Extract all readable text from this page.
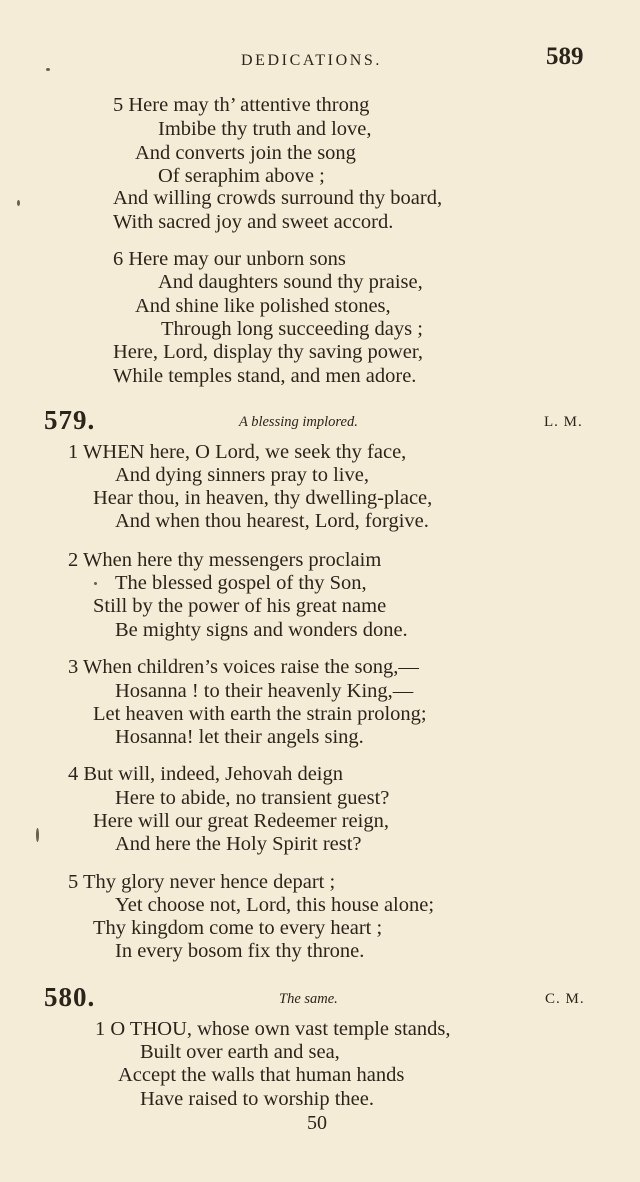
DEDICATIONS.	589
5 Here may th’ attentive throng
Imbibe thy truth and love,
And converts join the song
Of seraphim above ;
And willing crowds surround thy board,
With sacred joy and sweet accord.
6 Here may our unborn sons
And daughters sound thy praise,
And shine like polished stones,
Through long succeeding days ;
Here, Lord, display thy saving power,
While temples stand, and men adore.
579.	A blessing implored.	L. M.
1 WHEN here, O Lord, we seek thy face,
And dying sinners pray to live,
Hear thou, in heaven, thy dwelling-place,
And when thou hearest, Lord, forgive.
2 When here thy messengers proclaim
The blessed gospel of thy Son,
Still by the power of his great name
Be mighty signs and wonders done.
3 When children’s voices raise the song,—
Hosanna ! to their heavenly King,—
Let heaven with earth the strain prolong;
Hosanna! let their angels sing.
4 But will, indeed, Jehovah deign
Here to abide, no transient guest?
Here will our great Redeemer reign,
And here the Holy Spirit rest?
5 Thy glory never hence depart ;
Yet choose not, Lord, this house alone;
Thy kingdom come to every heart ;
In every bosom fix thy throne.
580.	The same.	C. M.
1 O THOU, whose own vast temple stands,
Built over earth and sea,
Accept the walls that human hands
Have raised to worship thee.
50
